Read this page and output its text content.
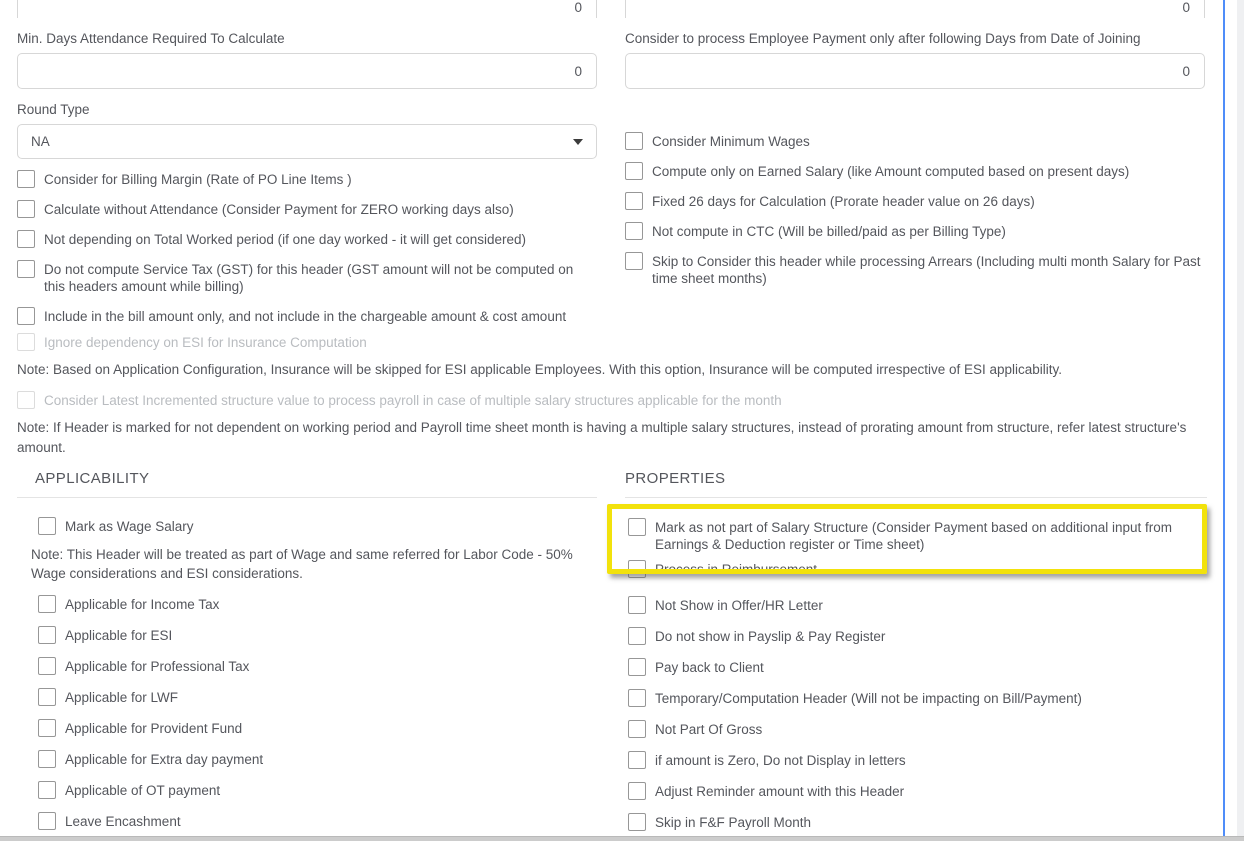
0
Min. Days Attendance Required To Calculate
0
Round Type
NA
Consider for Billing Margin (Rate of PO Line Items )
Calculate without Attendance (Consider Payment for ZERO working days also)
Not depending on Total Worked period (if one day worked - it will get considered)
Do not compute Service Tax (GST) for this header (GST amount will not be computed on this headers amount while billing)
Include in the bill amount only, and not include in the chargeable amount & cost amount
0
Consider to process Employee Payment only after following Days from Date of Joining
0
Consider Minimum Wages
Compute only on Earned Salary (like Amount computed based on present days)
Fixed 26 days for Calculation (Prorate header value on 26 days)
Not compute in CTC (Will be billed/paid as per Billing Type)
Skip to Consider this header while processing Arrears (Including multi month Salary for Past time sheet months)
Ignore dependency on ESI for Insurance Computation
Note: Based on Application Configuration, Insurance will be skipped for ESI applicable Employees. With this option, Insurance will be computed irrespective of ESI applicability.
Consider Latest Incremented structure value to process payroll in case of multiple salary structures applicable for the month
Note: If Header is marked for not dependent on working period and Payroll time sheet month is having a multiple salary structures, instead of prorating amount from structure, refer latest structure's amount.
APPLICABILITY
Mark as Wage Salary
Note: This Header will be treated as part of Wage and same referred for Labor Code - 50% Wage considerations and ESI considerations.
Applicable for Income Tax
Applicable for ESI
Applicable for Professional Tax
Applicable for LWF
Applicable for Provident Fund
Applicable for Extra day payment
Applicable of OT payment
Leave Encashment
PROPERTIES
Mark as not part of Salary Structure (Consider Payment based on additional input from Earnings & Deduction register or Time sheet)
Process in Reimbursement
Not Show in Offer/HR Letter
Do not show in Payslip & Pay Register
Pay back to Client
Temporary/Computation Header (Will not be impacting on Bill/Payment)
Not Part Of Gross
if amount is Zero, Do not Display in letters
Adjust Reminder amount with this Header
Skip in F&F Payroll Month
